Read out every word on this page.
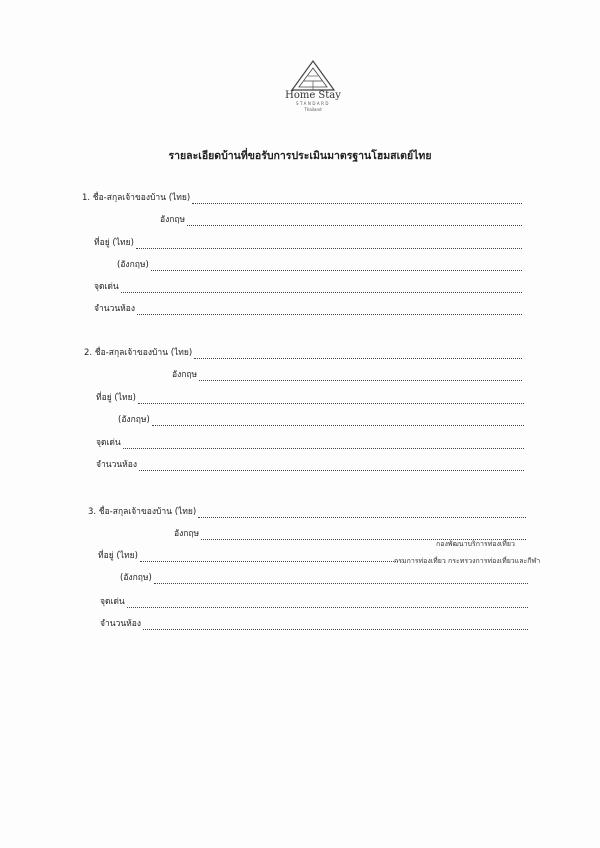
Home Stay
STANDARD
Thailand
รายละเอียดบ้านที่ขอรับการประเมินมาตรฐานโฮมสเตย์ไทย
1. ชื่อ-สกุลเจ้าของบ้าน (ไทย)
อังกฤษ
ที่อยู่ (ไทย)
(อังกฤษ)
จุดเด่น
จำนวนห้อง
2. ชื่อ-สกุลเจ้าของบ้าน (ไทย)
อังกฤษ
ที่อยู่ (ไทย)
(อังกฤษ)
จุดเด่น
จำนวนห้อง
3. ชื่อ-สกุลเจ้าของบ้าน (ไทย)
อังกฤษ
ที่อยู่ (ไทย)
(อังกฤษ)
จุดเด่น
จำนวนห้อง
กองพัฒนาบริการท่องเที่ยว
กรมการท่องเที่ยว กระทรวงการท่องเที่ยวและกีฬา
